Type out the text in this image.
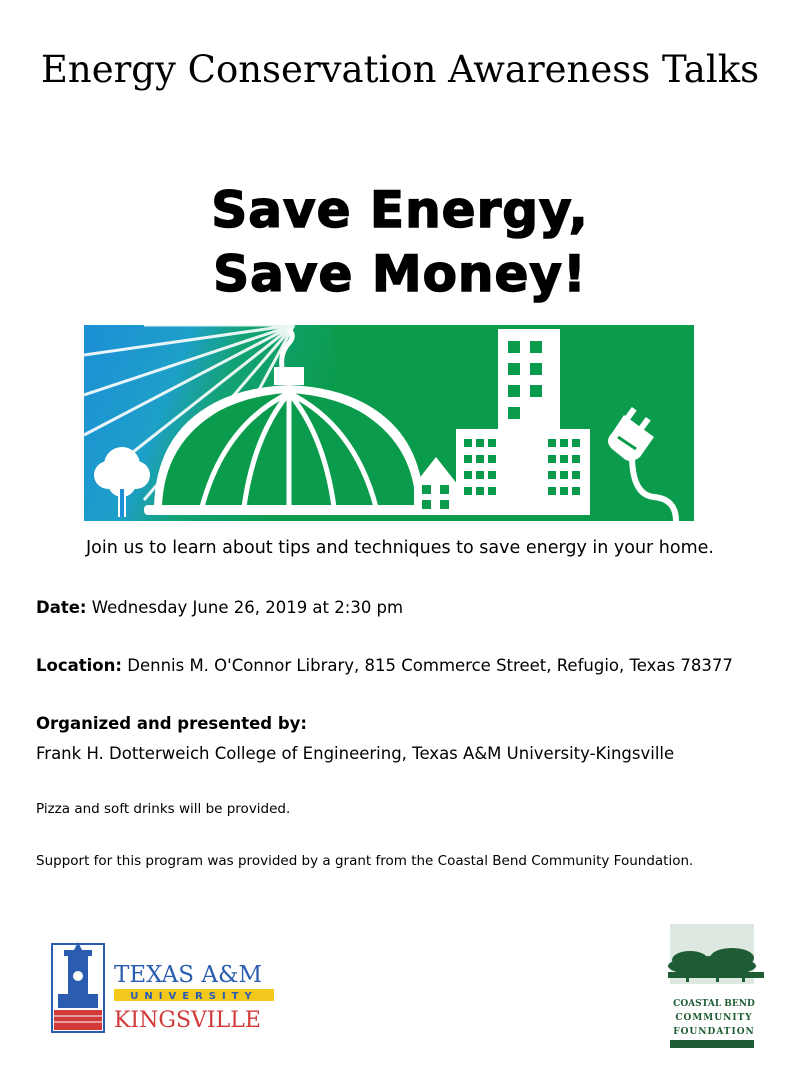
Energy Conservation Awareness Talks
Save Energy,
Save Money!
Join us to learn about tips and techniques to save energy in your home.
Date: Wednesday June 26, 2019 at 2:30 pm
Location: Dennis M. O'Connor Library, 815 Commerce Street, Refugio, Texas 78377
Organized and presented by:
Frank H. Dotterweich College of Engineering, Texas A&M University-Kingsville
Pizza and soft drinks will be provided.
Support for this program was provided by a grant from the Coastal Bend Community Foundation.
TEXAS A&M
UNIVERSITY
KINGSVILLE
COASTAL BEND
COMMUNITY
FOUNDATION
